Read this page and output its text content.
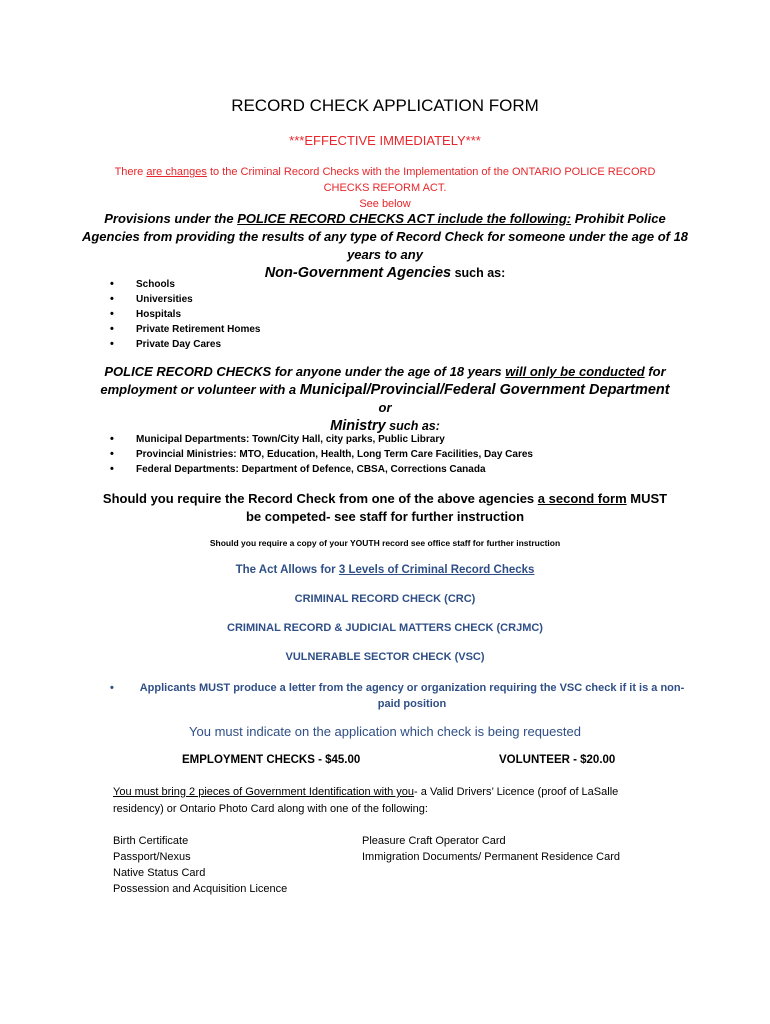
RECORD CHECK APPLICATION FORM
***EFFECTIVE IMMEDIATELY***
There are changes to the Criminal Record Checks with the Implementation of the ONTARIO POLICE RECORD CHECKS REFORM ACT.
See below
Provisions under the POLICE RECORD CHECKS ACT include the following: Prohibit Police Agencies from providing the results of any type of Record Check for someone under the age of 18 years to any
Non-Government Agencies such as:
• Schools
• Universities
• Hospitals
• Private Retirement Homes
• Private Day Cares
POLICE RECORD CHECKS for anyone under the age of 18 years will only be conducted for employment or volunteer with a Municipal/Provincial/Federal Government Department or
Ministry such as:
• Municipal Departments: Town/City Hall, city parks, Public Library
• Provincial Ministries: MTO, Education, Health, Long Term Care Facilities, Day Cares
• Federal Departments: Department of Defence, CBSA, Corrections Canada
Should you require the Record Check from one of the above agencies a second form MUST be competed- see staff for further instruction
Should you require a copy of your YOUTH record see office staff for further instruction
The Act Allows for 3 Levels of Criminal Record Checks
CRIMINAL RECORD CHECK (CRC)
CRIMINAL RECORD & JUDICIAL MATTERS CHECK (CRJMC)
VULNERABLE SECTOR CHECK (VSC)
•	Applicants MUST produce a letter from the agency or organization requiring the VSC check if it is a non-paid position
You must indicate on the application which check is being requested
EMPLOYMENT CHECKS - $45.00	VOLUNTEER - $20.00
You must bring 2 pieces of Government Identification with you- a Valid Drivers’ Licence (proof of LaSalle residency) or Ontario Photo Card along with one of the following:
Birth Certificate
Passport/Nexus
Native Status Card
Possession and Acquisition Licence
Pleasure Craft Operator Card
Immigration Documents/ Permanent Residence Card
